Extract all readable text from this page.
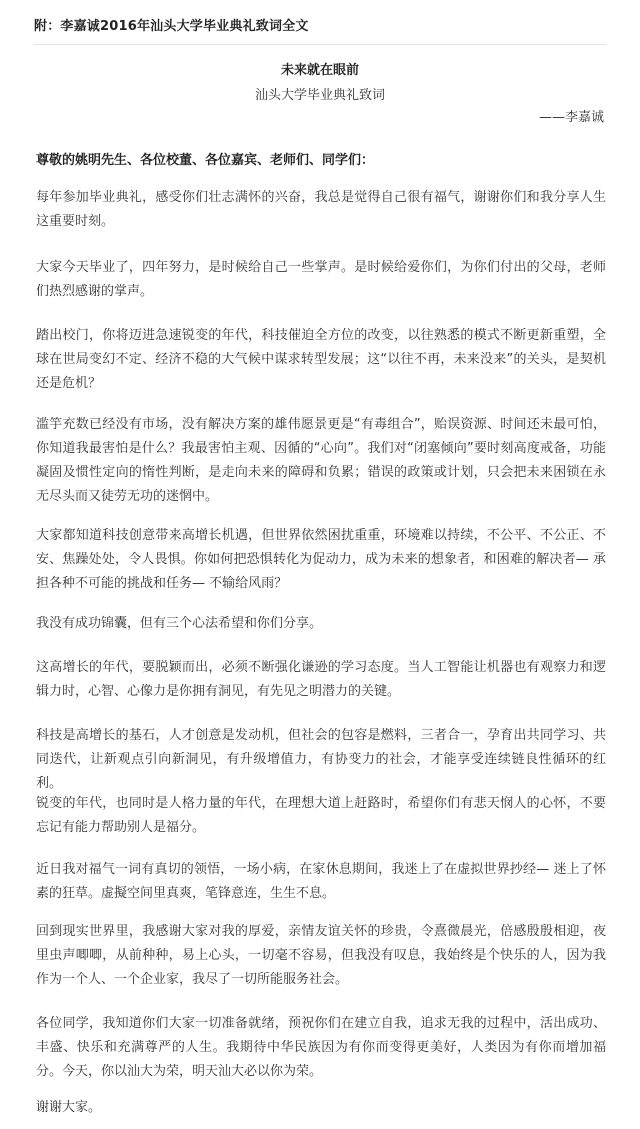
附：李嘉诚2016年汕头大学毕业典礼致词全文
未来就在眼前
汕头大学毕业典礼致词
——李嘉诚
尊敬的姚明先生、各位校董、各位嘉宾、老师们、同学们：

每年参加毕业典礼，感受你们壮志满怀的兴奋，我总是觉得自己很有福气，谢谢你们和我分享人生这重要时刻。

大家今天毕业了，四年努力，是时候给自己一些掌声。是时候给爱你们，为你们付出的父母，老师们热烈感谢的掌声。

踏出校门，你将迈进急速锐变的年代，科技催迫全方位的改变，以往熟悉的模式不断更新重塑，全球在世局变幻不定、经济不稳的大气候中谋求转型发展；这“以往不再，未来没来”的关头，是契机还是危机？

滥竽充数已经没有市场，没有解决方案的雄伟愿景更是“有毒组合”，贻误资源、时间还未最可怕，你知道我最害怕是什么？我最害怕主观、因循的“心向”。我们对“闭塞倾向”要时刻高度戒备，功能凝固及惯性定向的惰性判断，是走向未来的障碍和负累；错误的政策或计划，只会把未来困锁在永无尽头而又徒劳无功的迷惘中。

大家都知道科技创意带来高增长机遇，但世界依然困扰重重，环境难以持续，不公平、不公正、不安、焦躁处处，令人畏惧。你如何把恐惧转化为促动力，成为未来的想象者，和困难的解决者— 承担各种不可能的挑战和任务— 不输给风雨？

我没有成功锦囊，但有三个心法希望和你们分享。

这高增长的年代，要脱颖而出，必须不断强化谦逊的学习态度。当人工智能让机器也有观察力和逻辑力时，心智、心像力是你拥有洞见，有先见之明潜力的关键。

科技是高增长的基石，人才创意是发动机，但社会的包容是燃料，三者合一，孕育出共同学习、共同迭代，让新观点引向新洞见，有升级增值力，有协变力的社会，才能享受连续链良性循环的红利。

锐变的年代，也同时是人格力量的年代，在理想大道上赶路时，希望你们有悲天悯人的心怀，不要忘记有能力帮助别人是福分。

近日我对福气一词有真切的领悟，一场小病，在家休息期间，我迷上了在虚拟世界抄经— 迷上了怀素的狂草。虚擬空间里真爽，笔锋意连，生生不息。

回到现实世界里，我感谢大家对我的厚爱，亲情友谊关怀的珍贵，令熹微晨光，倍感殷殷相迎，夜里虫声唧唧，从前种种，易上心头，一切毫不容易，但我没有叹息，我始终是个快乐的人，因为我作为一个人、一个企业家，我尽了一切所能服务社会。

各位同学，我知道你们大家一切准备就绪，预祝你们在建立自我，追求无我的过程中，活出成功、丰盛、快乐和充满尊严的人生。我期待中华民族因为有你而变得更美好，人类因为有你而增加福分。今天，你以汕大为荣，明天汕大必以你为荣。

谢谢大家。
